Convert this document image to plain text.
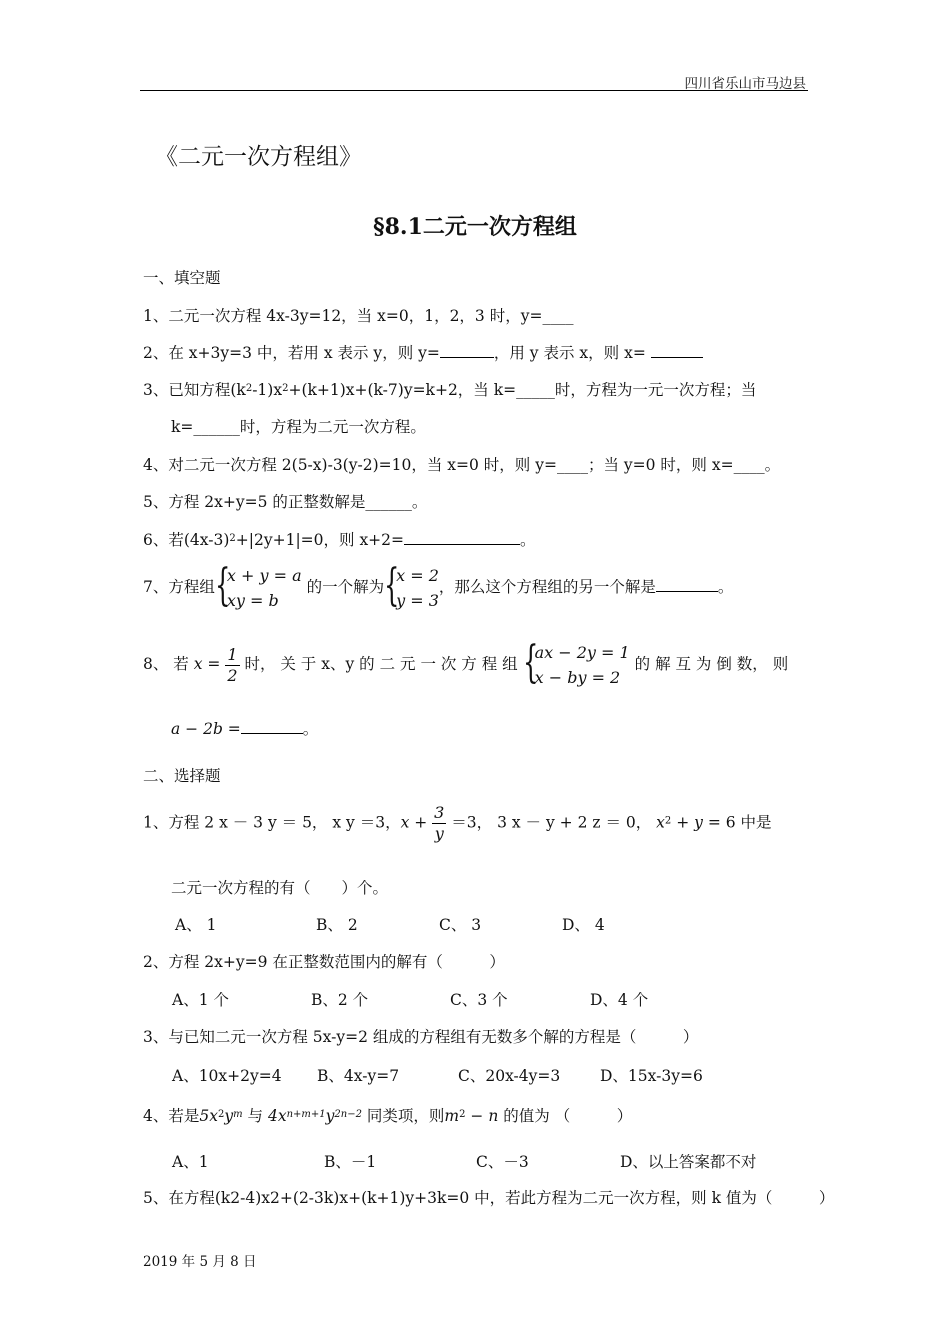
四川省乐山市马边县
《二元一次方程组》
§8.1二元一次方程组
一、填空题
1、二元一次方程 4x-3y=12，当 x=0，1，2，3 时，y=____
2、在 x+3y=3 中，若用 x 表示 y，则 y=	，用 y 表示 x，则 x=
3、已知方程$(k^2-1)x^2+(k+1)x+(k-7)y=k+2$，当 k=_____时，方程为一元一次方程；当
k=______时，方程为二元一次方程。
4、对二元一次方程 2(5-x)-3(y-2)=10，当 x=0 时，则 y=____；当 y=0 时，则 x=____。
5、方程 2x+y=5 的正整数解是______。
6、若$(4x-3)^2+|2y+1|=0$，则 x+2=	。
7、方程组 {
x + y = a
xy = b
的一个解为 {
x = 2
y = 3
，那么这个方程组的另一个解是	。
8、 若 $x = \frac{1}{2}$ 时， 关 于 x、y 的 二 元 一 次 方 程 组 {
ax − 2y = 1
x − by = 2
的 解 互 为 倒 数， 则
a − 2b =	。
二、选择题
1、方程 2 x － 3 y ＝ 5， x y ＝3，$x + \frac{3}{y} =3$， 3 x － y + 2 z ＝ 0， $x^2 + y = 6$ 中是
二元一次方程的有（　　）个。
A、 1	B、 2	C、 3	D、 4
2、方程 2x+y=9 在正整数范围内的解有（　　　）
A、1 个	B、2 个	C、3 个	D、4 个
3、与已知二元一次方程 5x-y=2 组成的方程组有无数多个解的方程是（　　　）
A、10x+2y=4 B、4x-y=7	C、20x-4y=3	D、15x-3y=6
4、若是$5x^2y^m$ 与 $4x^{n+m+1}y^{2n-2}$ 同类项，则$m^2 - n$ 的值为 （　　　）
A、1	B、－1	C、－3	D、以上答案都不对
5、在方程(k2-4)x2+(2-3k)x+(k+1)y+3k=0 中，若此方程为二元一次方程，则 k 值为（　　　）
2019 年 5 月 8 日
